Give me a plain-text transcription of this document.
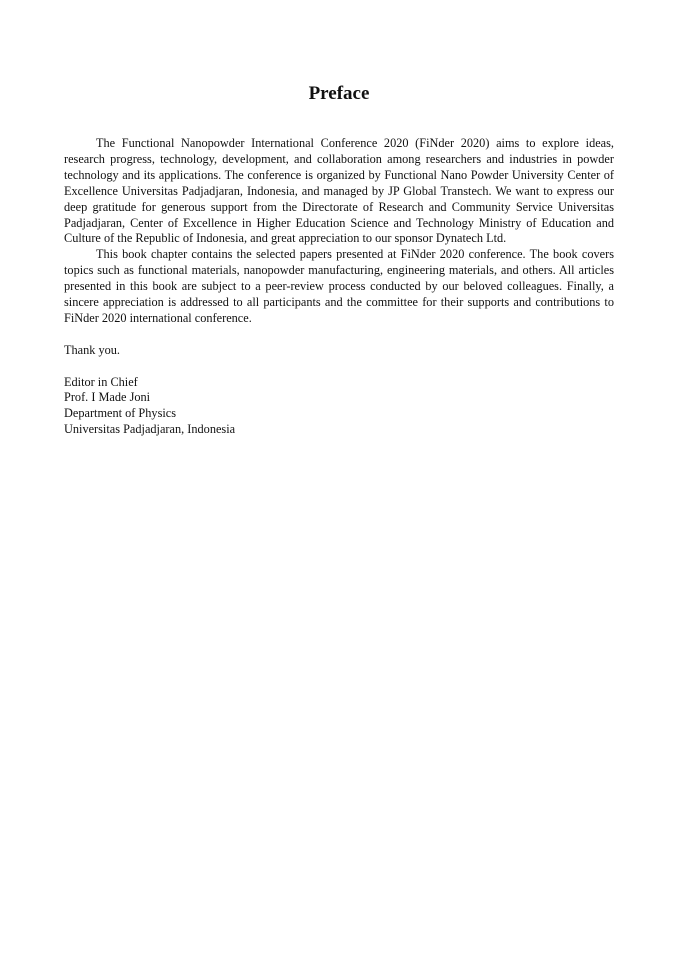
Preface

The Functional Nanopowder International Conference 2020 (FiNder 2020) aims to explore ideas, research progress, technology, development, and collaboration among researchers and industries in powder technology and its applications. The conference is organized by Functional Nano Powder University Center of Excellence Universitas Padjadjaran, Indonesia, and managed by JP Global Transtech. We want to express our deep gratitude for generous support from the Directorate of Research and Community Service Universitas Padjadjaran, Center of Excellence in Higher Education Science and Technology Ministry of Education and Culture of the Republic of Indonesia, and great appreciation to our sponsor Dynatech Ltd.

This book chapter contains the selected papers presented at FiNder 2020 conference. The book covers topics such as functional materials, nanopowder manufacturing, engineering materials, and others. All articles presented in this book are subject to a peer-review process conducted by our beloved colleagues. Finally, a sincere appreciation is addressed to all participants and the committee for their supports and contributions to FiNder 2020 international conference.

Thank you.

Editor in Chief

Prof. I Made Joni

Department of Physics

Universitas Padjadjaran, Indonesia
